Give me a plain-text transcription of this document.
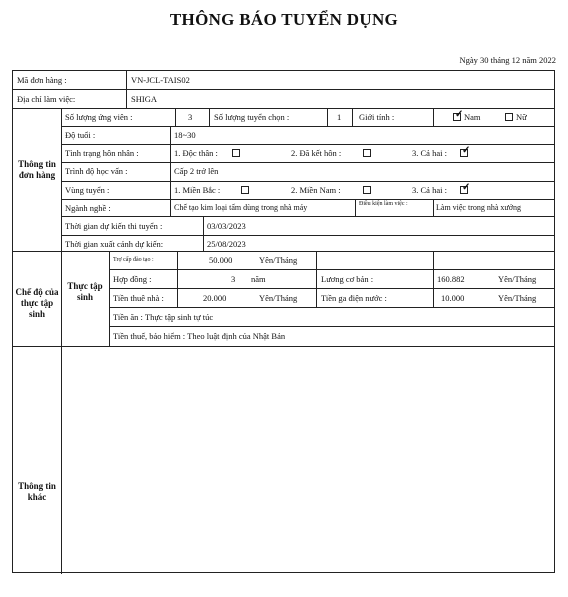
THÔNG BÁO TUYỂN DỤNG
Ngày 30 tháng 12 năm 2022
Mã đơn hàng :	VN-JCL-TAIS02
Địa chỉ làm việc:	SHIGA
Thông tin đơn hàng
Số lượng ứng viên :	3	Số lượng tuyển chọn :	1 Giới tính :
✓	Nam	Nữ
Độ tuổi :	18~30
Tình trạng hôn nhân :	1. Độc thân :	2. Đã kết hôn :	3. Cả hai :
✓
Trình độ học vấn :	Cấp 2 trở lên
Vùng tuyển :	1. Miền Bắc :	2. Miền Nam :	3. Cả hai :
✓
Ngành nghề :	Chế tạo kim loại tấm dùng trong nhà máy	Điều kiện làm việc :	Làm việc trong nhà xưởng
Thời gian dự kiến thi tuyển :	03/03/2023
Thời gian xuất cảnh dự kiến:	25/08/2023
Chế độ của thực tập sinh
Thực tập sinh
Trợ cấp đào tạo :	50.000	Yên/Tháng
Hợp đồng :	3 năm	Lương cơ bản :	160.882	Yên/Tháng
Tiền thuê nhà :	20.000	Yên/Tháng	Tiền ga điện nước :	10.000	Yên/Tháng
Tiền ăn : Thực tập sinh tự túc
Tiền thuế, bảo hiểm : Theo luật định của Nhật Bản
Thông tin khác
